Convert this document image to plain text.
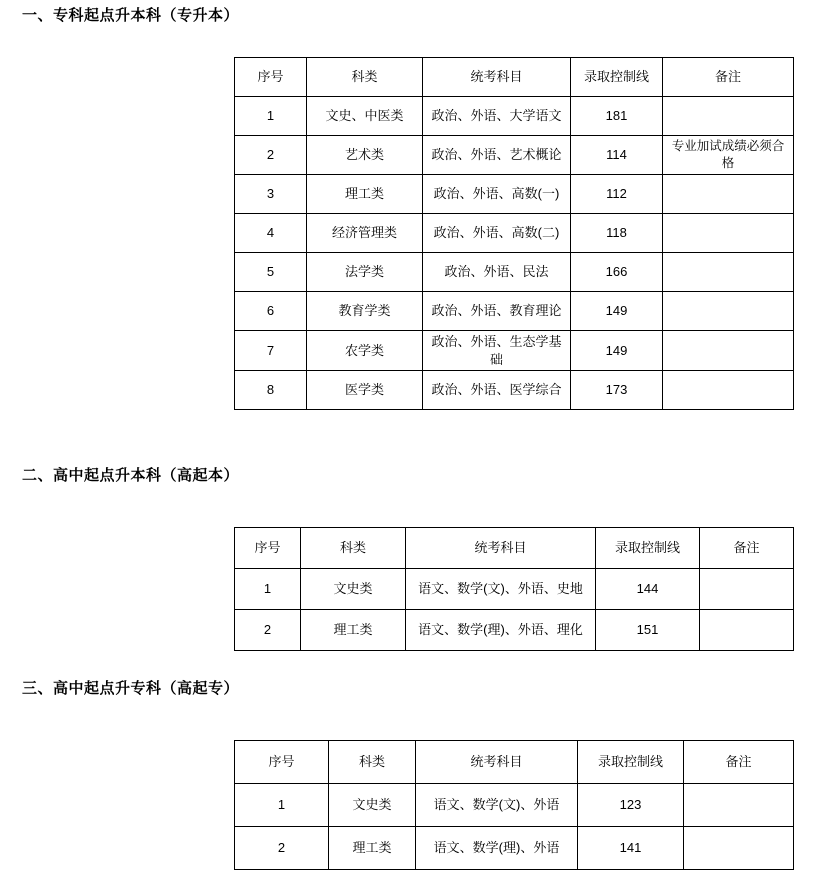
一、专科起点升本科（专升本）
序号	科类	统考科目	录取控制线	备注
1	文史、中医类	政治、外语、大学语文	181	
2	艺术类	政治、外语、艺术概论	114	专业加试成绩必须合格
3	理工类	政治、外语、高数(一)	112	
4	经济管理类	政治、外语、高数(二)	118	
5	法学类	政治、外语、民法	166	
6	教育学类	政治、外语、教育理论	149	
7	农学类	政治、外语、生态学基础	149	
8	医学类	政治、外语、医学综合	173	
二、高中起点升本科（高起本）
序号	科类	统考科目	录取控制线	备注
1	文史类	语文、数学(文)、外语、史地	144	
2	理工类	语文、数学(理)、外语、理化	151	
三、高中起点升专科（高起专）
序号	科类	统考科目	录取控制线	备注
1	文史类	语文、数学(文)、外语	123	
2	理工类	语文、数学(理)、外语	141	
